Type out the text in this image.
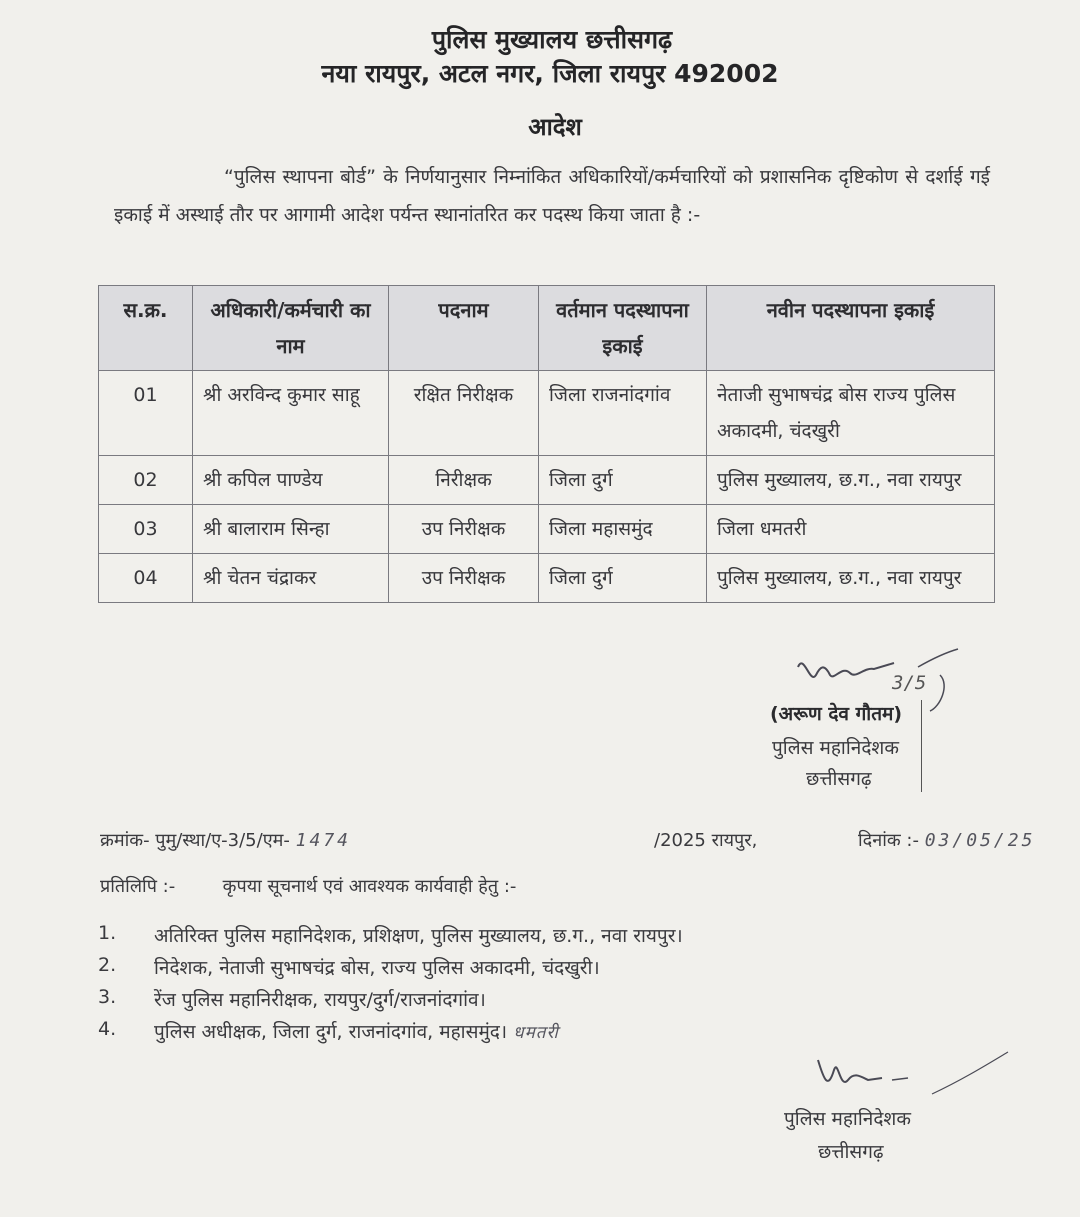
पुलिस मुख्यालय छत्तीसगढ़
नया रायपुर, अटल नगर, जिला रायपुर 492002
आदेश
“पुलिस स्थापना बोर्ड” के निर्णयानुसार निम्नांकित अधिकारियों/कर्मचारियों को प्रशासनिक दृष्टिकोण से दर्शाई गई इकाई में अस्थाई तौर पर आगामी आदेश पर्यन्त स्थानांतरित कर पदस्थ किया जाता है :-
स.क्र.	अधिकारी/कर्मचारी का नाम	पदनाम	वर्तमान पदस्थापना इकाई	नवीन पदस्थापना इकाई
01	श्री अरविन्द कुमार साहू	रक्षित निरीक्षक	जिला राजनांदगांव	नेताजी सुभाषचंद्र बोस राज्य पुलिस अकादमी, चंदखुरी
02	श्री कपिल पाण्डेय	निरीक्षक	जिला दुर्ग	पुलिस मुख्यालय, छ.ग., नवा रायपुर
03	श्री बालाराम सिन्हा	उप निरीक्षक	जिला महासमुंद	जिला धमतरी
04	श्री चेतन चंद्राकर	उप निरीक्षक	जिला दुर्ग	पुलिस मुख्यालय, छ.ग., नवा रायपुर
3/5
(अरूण देव गौतम)
पुलिस महानिदेशक
छत्तीसगढ़
क्रमांक- पुमु/स्था/ए-3/5/एम- 1474	/2025 रायपुर,	दिनांक :- 03/05/25
प्रतिलिपि :-	कृपया सूचनार्थ एवं आवश्यक कार्यवाही हेतु :-
1.	अतिरिक्त पुलिस महानिदेशक, प्रशिक्षण, पुलिस मुख्यालय, छ.ग., नवा रायपुर।
2.	निदेशक, नेताजी सुभाषचंद्र बोस, राज्य पुलिस अकादमी, चंदखुरी।
3.	रेंज पुलिस महानिरीक्षक, रायपुर/दुर्ग/राजनांदगांव।
4.	पुलिस अधीक्षक, जिला दुर्ग, राजनांदगांव, महासमुंद। धमतरी
पुलिस महानिदेशक
छत्तीसगढ़
